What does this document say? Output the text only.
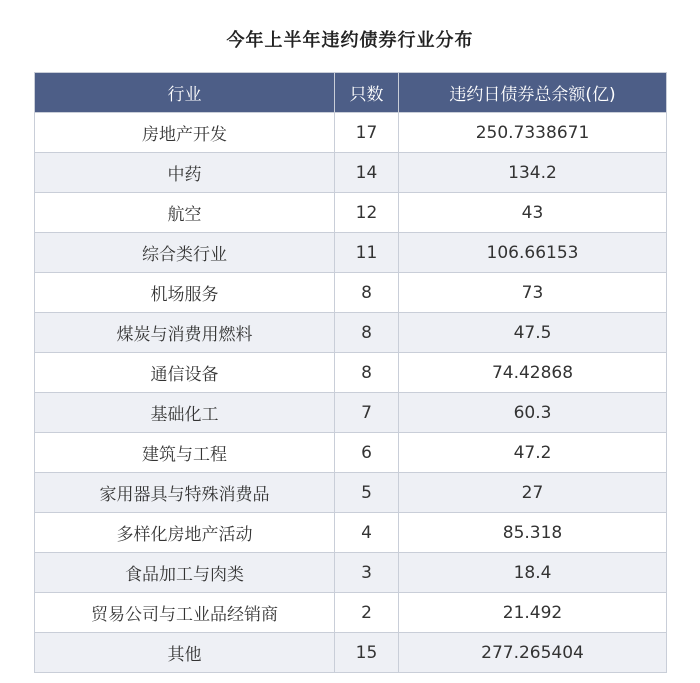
今年上半年违约债券行业分布
行业	只数	违约日债券总余额(亿)
房地产开发	17	250.7338671
中药	14	134.2
航空	12	43
综合类行业	11	106.66153
机场服务	8	73
煤炭与消费用燃料	8	47.5
通信设备	8	74.42868
基础化工	7	60.3
建筑与工程	6	47.2
家用器具与特殊消费品	5	27
多样化房地产活动	4	85.318
食品加工与肉类	3	18.4
贸易公司与工业品经销商	2	21.492
其他	15	277.265404
